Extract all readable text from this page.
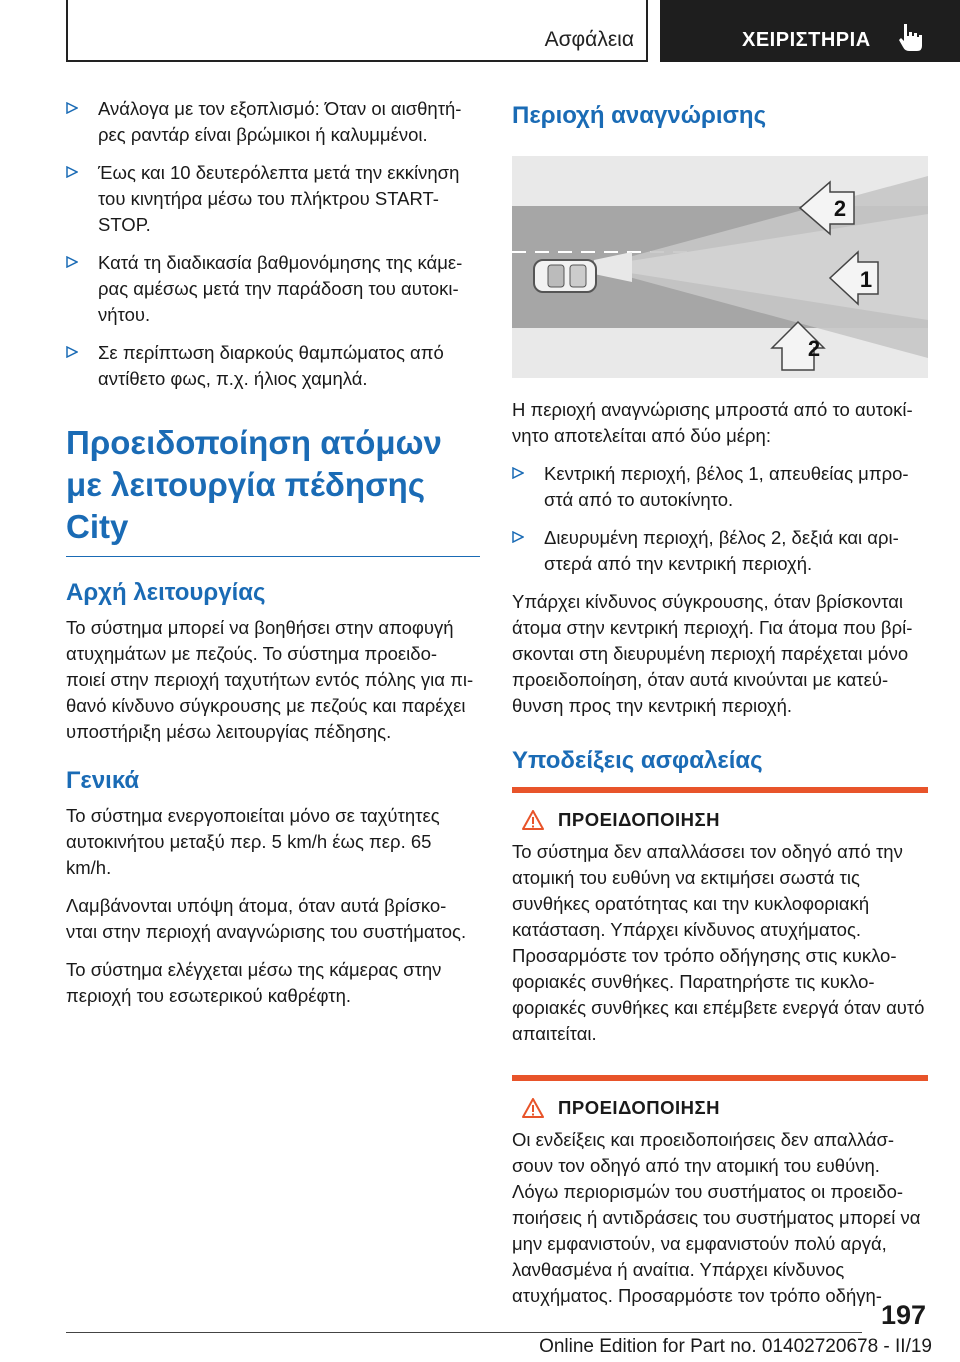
Ασφάλεια	ΧΕΙΡΙΣΤΗΡΙΑ
Ανάλογα με τον εξοπλισμό: Όταν οι αισθητή- ρες ραντάρ είναι βρώμικοι ή καλυμμένοι.
Έως και 10 δευτερόλεπτα μετά την εκκίνηση του κινητήρα μέσω του πλήκτρου START- STOP.
Κατά τη διαδικασία βαθμονόμησης της κάμε- ρας αμέσως μετά την παράδοση του αυτοκι- νήτου.
Σε περίπτωση διαρκούς θαμπώματος από αντίθετο φως, π.χ. ήλιος χαμηλά.
Προειδοποίηση ατόμων με λειτουργία πέδησης City
Αρχή λειτουργίας

Το σύστημα μπορεί να βοηθήσει στην αποφυγή ατυχημάτων με πεζούς. Το σύστημα προειδο- ποιεί στην περιοχή ταχυτήτων εντός πόλης για πι- θανό κίνδυνο σύγκρουσης με πεζούς και παρέχει υποστήριξη μέσω λειτουργίας πέδησης.

Γενικά

Το σύστημα ενεργοποιείται μόνο σε ταχύτητες αυτοκινήτου μεταξύ περ. 5 km/h έως περ. 65 km/h.

Λαμβάνονται υπόψη άτομα, όταν αυτά βρίσκο- νται στην περιοχή αναγνώρισης του συστήματος.

Το σύστημα ελέγχεται μέσω της κάμερας στην περιοχή του εσωτερικού καθρέφτη.

Περιοχή αναγνώρισης
2
1
2

Η περιοχή αναγνώρισης μπροστά από το αυτοκί- νητο αποτελείται από δύο μέρη:

Κεντρική περιοχή, βέλος 1, απευθείας μπρο- στά από το αυτοκίνητο.
Διευρυμένη περιοχή, βέλος 2, δεξιά και αρι- στερά από την κεντρική περιοχή.

Υπάρχει κίνδυνος σύγκρουσης, όταν βρίσκονται άτομα στην κεντρική περιοχή. Για άτομα που βρί- σκονται στη διευρυμένη περιοχή παρέχεται μόνο προειδοποίηση, όταν αυτά κινούνται με κατεύ- θυνση προς την κεντρική περιοχή.

Υποδείξεις ασφαλείας
ΠΡΟΕΙΔΟΠΟΙΗΣΗ

Το σύστημα δεν απαλλάσσει τον οδηγό από την ατομική του ευθύνη να εκτιμήσει σωστά τις συνθήκες ορατότητας και την κυκλοφοριακή κατάσταση. Υπάρχει κίνδυνος ατυχήματος. Προσαρμόστε τον τρόπο οδήγησης στις κυκλο- φοριακές συνθήκες. Παρατηρήστε τις κυκλο- φοριακές συνθήκες και επέμβετε ενεργά όταν αυτό απαιτείται.

ΠΡΟΕΙΔΟΠΟΙΗΣΗ

Οι ενδείξεις και προειδοποιήσεις δεν απαλλάσ- σουν τον οδηγό από την ατομική του ευθύνη. Λόγω περιορισμών του συστήματος οι προειδο- ποιήσεις ή αντιδράσεις του συστήματος μπορεί να μην εμφανιστούν, να εμφανιστούν πολύ αργά, λανθασμένα ή αναίτια. Υπάρχει κίνδυνος ατυχήματος. Προσαρμόστε τον τρόπο οδήγη-

197
Online Edition for Part no. 01402720678 - II/19
